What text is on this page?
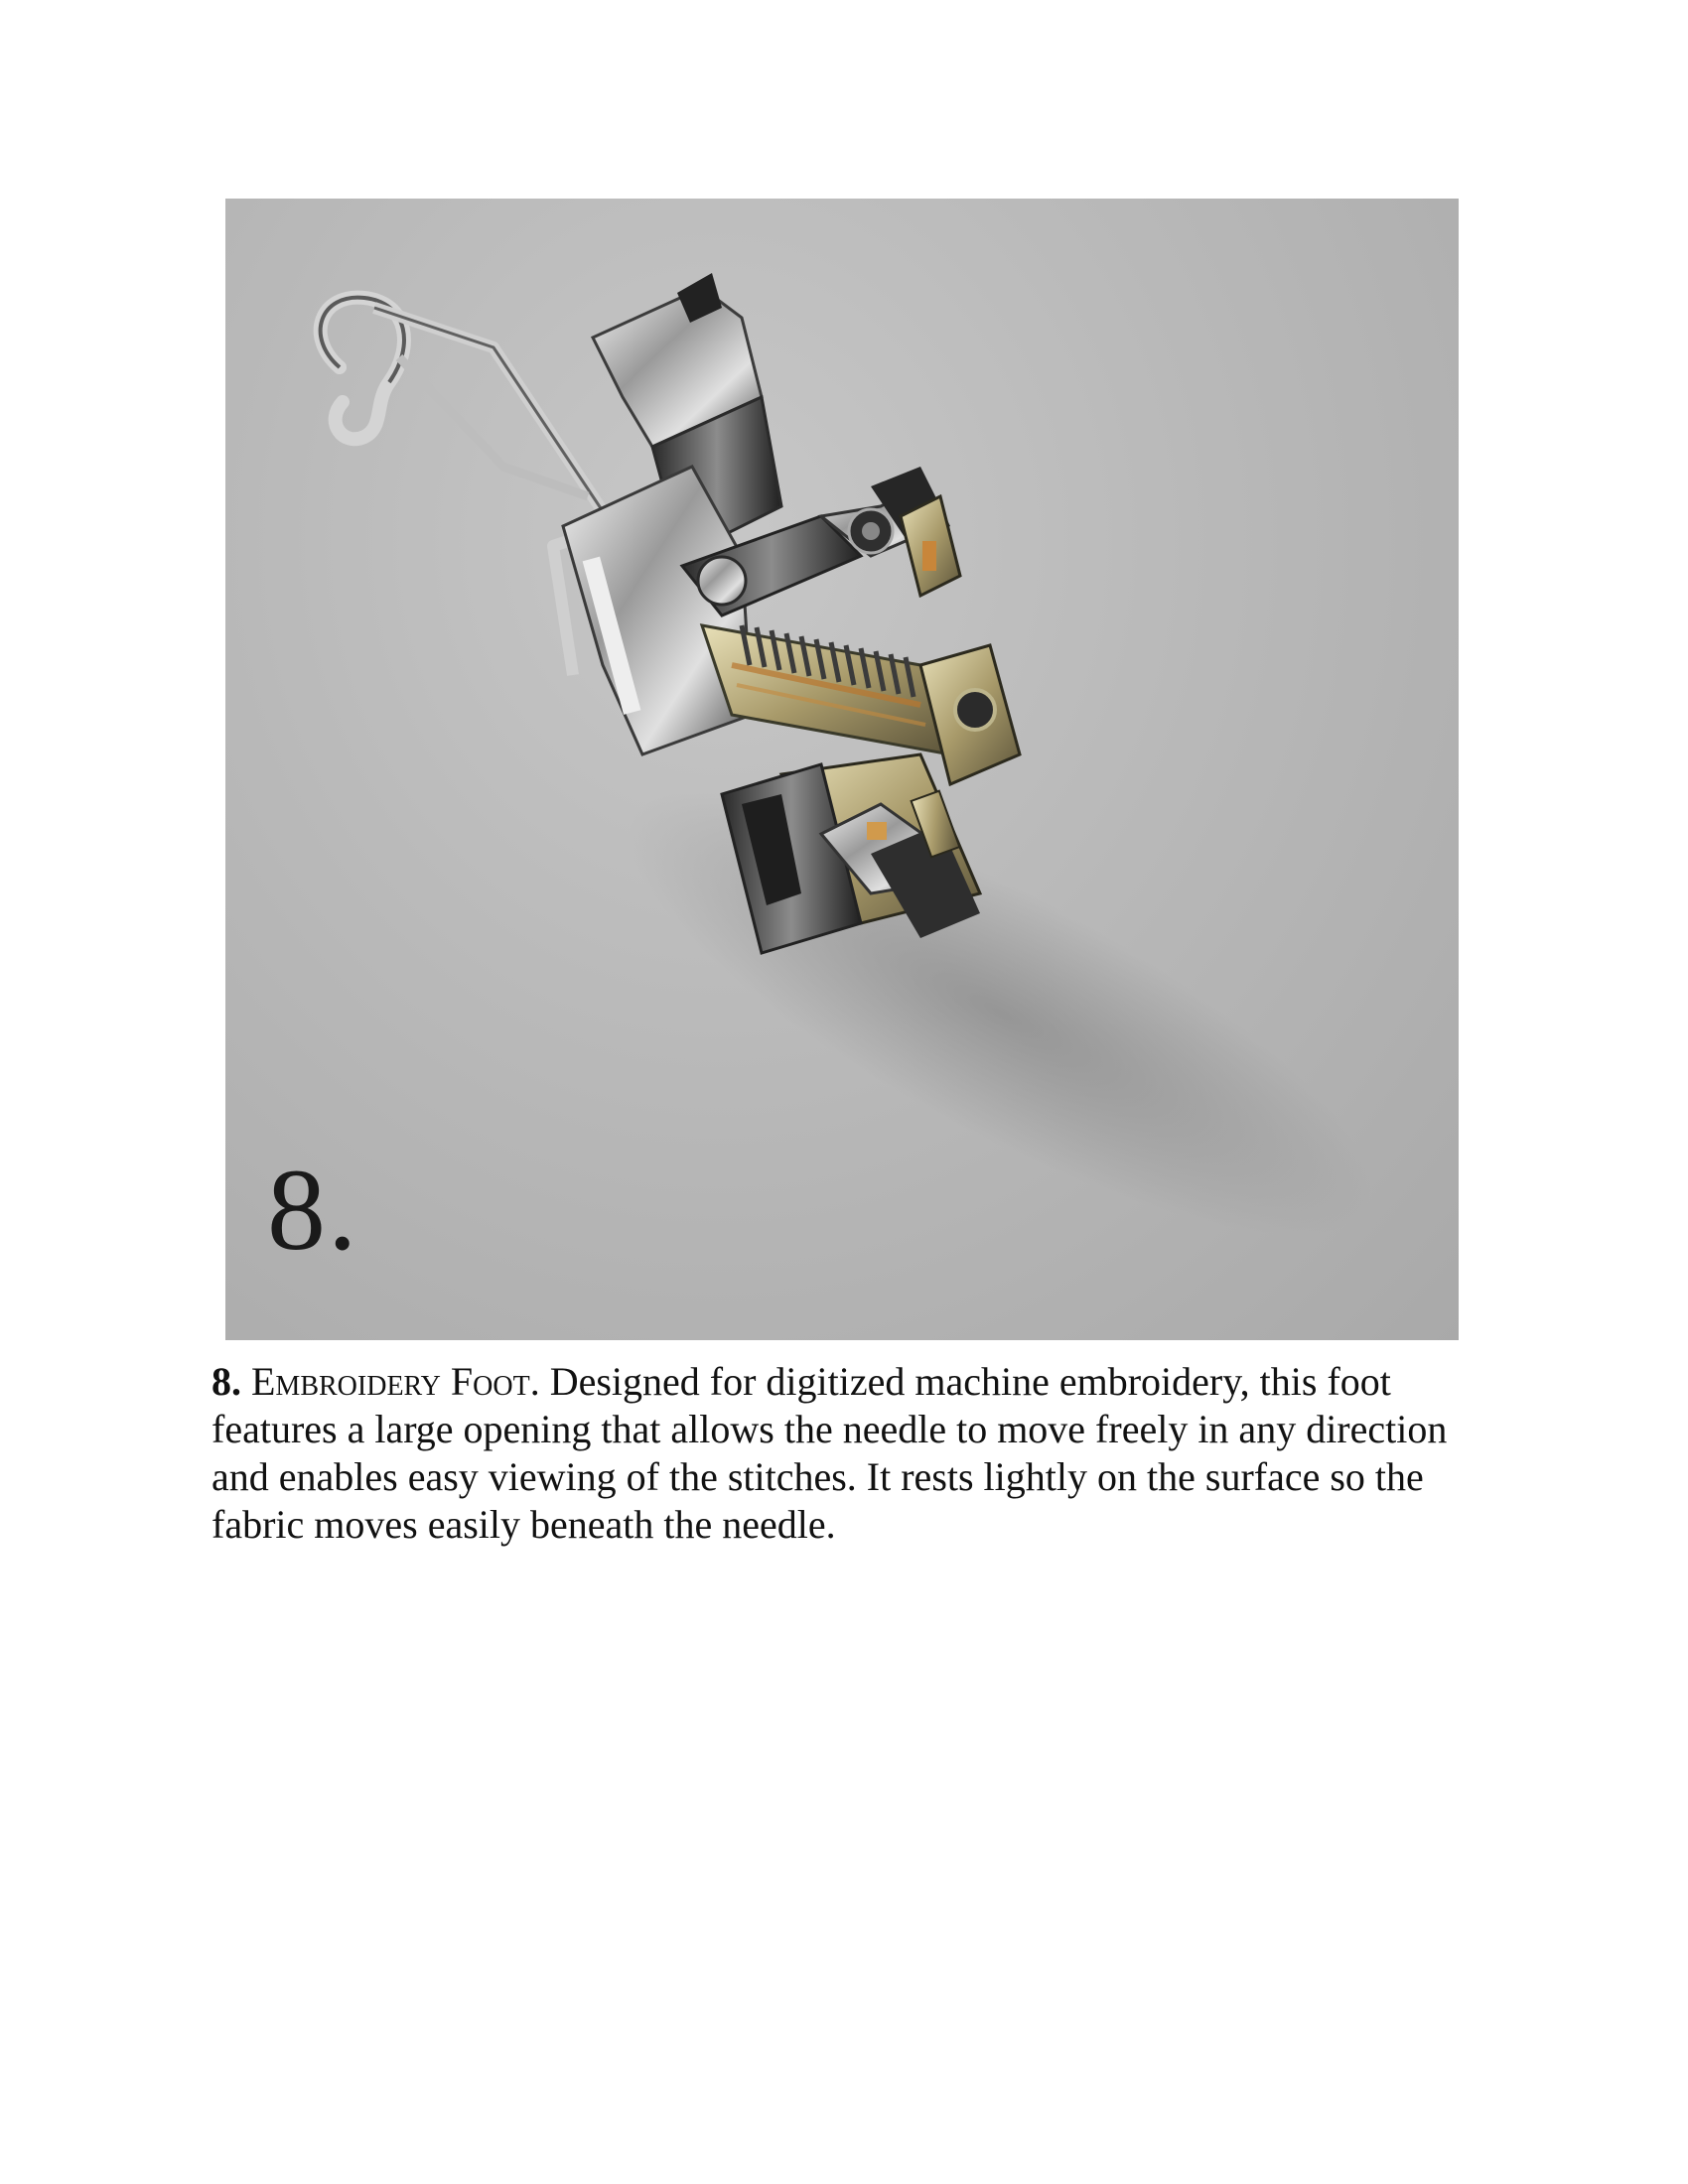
8.
8. Embroidery Foot. Designed for digitized machine embroidery, this foot features a large opening that allows the needle to move freely in any direction and enables easy viewing of the stitches. It rests lightly on the surface so the fabric moves easily beneath the needle.
